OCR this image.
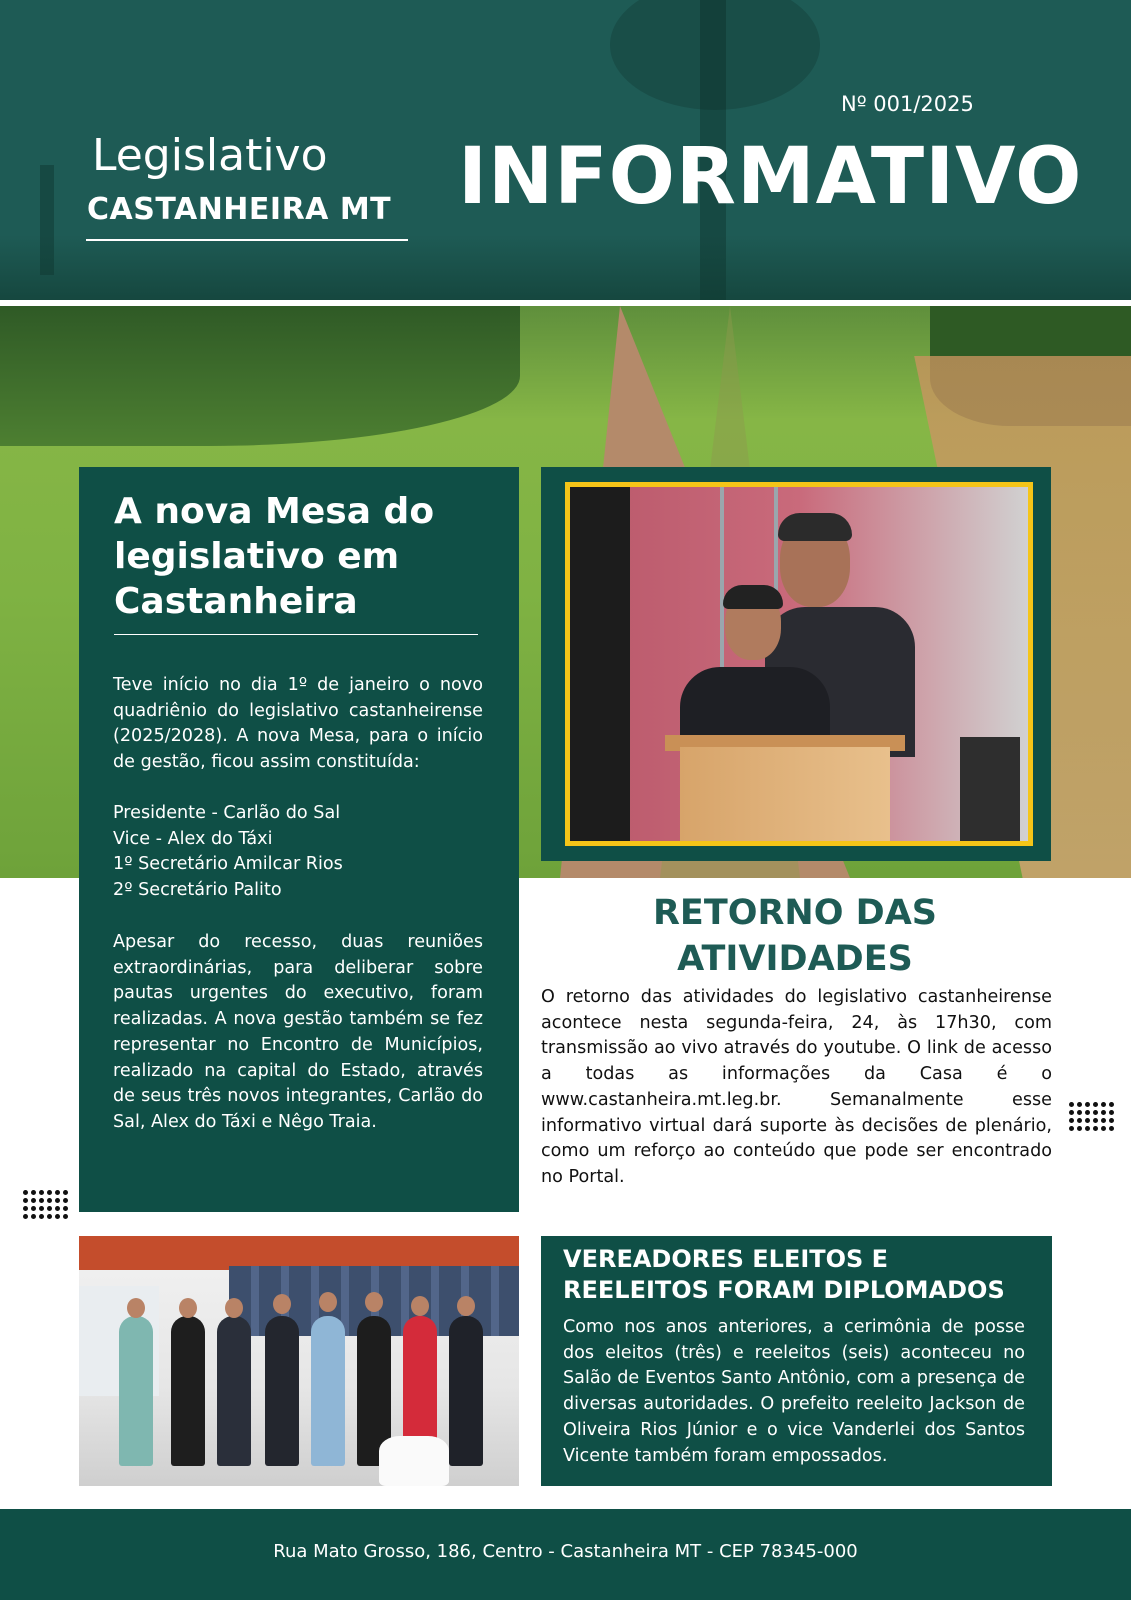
Legislativo
CASTANHEIRA MT
Nº 001/2025
INFORMATIVO
A nova Mesa do legislativo em Castanheira

Teve início no dia 1º de janeiro o novo quadriênio do legislativo castanheirense (2025/2028). A nova Mesa, para o início de gestão, ficou assim constituída:

Presidente - Carlão do Sal
Vice - Alex do Táxi
1º Secretário Amilcar Rios
2º Secretário Palito

Apesar do recesso, duas reuniões extraordinárias, para deliberar sobre pautas urgentes do executivo, foram realizadas. A nova gestão também se fez representar no Encontro de Municípios, realizado na capital do Estado, através de seus três novos integrantes, Carlão do Sal, Alex do Táxi e Nêgo Traia.

RETORNO DAS ATIVIDADES

O retorno das atividades do legislativo castanheirense acontece nesta segunda-feira, 24, às 17h30, com transmissão ao vivo através do youtube. O link de acesso a todas as informações da Casa é o www.castanheira.mt.leg.br. Semanalmente esse informativo virtual dará suporte às decisões de plenário, como um reforço ao conteúdo que pode ser encontrado no Portal.

VEREADORES ELEITOS E REELEITOS FORAM DIPLOMADOS

Como nos anos anteriores, a cerimônia de posse dos eleitos (três) e reeleitos (seis) aconteceu no Salão de Eventos Santo Antônio, com a presença de diversas autoridades. O prefeito reeleito Jackson de Oliveira Rios Júnior e o vice Vanderlei dos Santos Vicente também foram empossados.

Rua Mato Grosso, 186, Centro - Castanheira MT - CEP 78345-000
